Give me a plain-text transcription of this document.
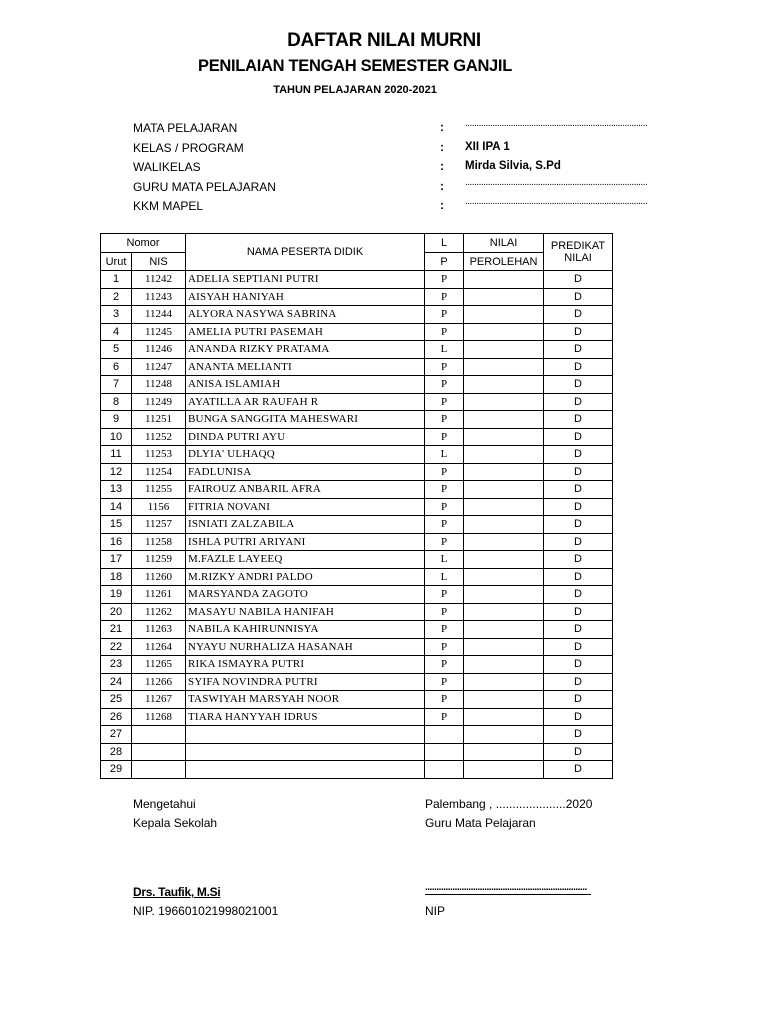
DAFTAR NILAI MURNI
PENILAIAN TENGAH SEMESTER GANJIL
TAHUN PELAJARAN 2020-2021
MATA PELAJARAN	: ................................................................................
KELAS / PROGRAM	: XII IPA 1
WALIKELAS	: Mirda Silvia, S.Pd
GURU MATA PELAJARAN	: ................................................................................
KKM MAPEL	: ................................................................................
Nomor		NAMA PESERTA DIDIK	L	NILAI	PREDIKAT
NILAI
Urut	NIS		P	PEROLEHAN	
1	11242	ADELIA SEPTIANI PUTRI	P		D
2	11243	AISYAH HANIYAH	P		D
3	11244	ALYORA NASYWA SABRINA	P		D
4	11245	AMELIA PUTRI PASEMAH	P		D
5	11246	ANANDA RIZKY PRATAMA	L		D
6	11247	ANANTA MELIANTI	P		D
7	11248	ANISA ISLAMIAH	P		D
8	11249	AYATILLA AR RAUFAH R	P		D
9	11251	BUNGA SANGGITA MAHESWARI	P		D
10	11252	DINDA PUTRI AYU	P		D
11	11253	DLYIA' ULHAQQ	L		D
12	11254	FADLUNISA	P		D
13	11255	FAIROUZ ANBARIL AFRA	P		D
14	1156	FITRIA NOVANI	P		D
15	11257	ISNIATI ZALZABILA	P		D
16	11258	ISHLA PUTRI ARIYANI	P		D
17	11259	M.FAZLE LAYEEQ	L		D
18	11260	M.RIZKY ANDRI PALDO	L		D
19	11261	MARSYANDA ZAGOTO	P		D
20	11262	MASAYU NABILA HANIFAH	P		D
21	11263	NABILA KAHIRUNNISYA	P		D
22	11264	NYAYU NURHALIZA HASANAH	P		D
23	11265	RIKA ISMAYRA PUTRI	P		D
24	11266	SYIFA NOVINDRA PUTRI	P		D
25	11267	TASWIYAH MARSYAH NOOR	P		D
26	11268	TIARA HANYYAH IDRUS	P		D
27					D
28					D
29					D
Mengetahui
Kepala Sekolah
Drs. Taufik, M.Si
NIP. 196601021998021001
Palembang , .....................2020
Guru Mata Pelajaran
.......................................................................
NIP
